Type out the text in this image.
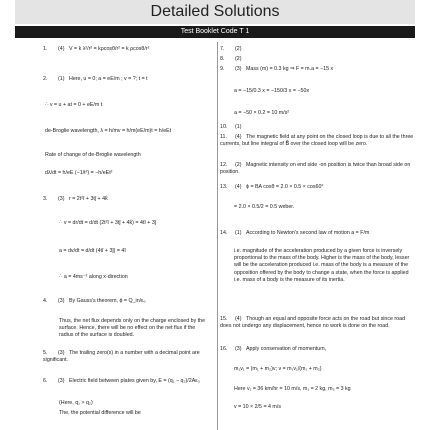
Detailed Solutions
Test Booklet Code T 1
1. (4) V = k λ²/r² = kρcosθ/r² = k ρcosθ/r²
2. (1) Here, u = 0; a = eE/m ; v = ?; t = t
∴ v = u + at = 0 + eE/m t
de-Broglie wavelength, λ = h/mv = h/m(eE/m)t = h/eEt
Rate of change of de-Broglie wavelength
dλ/dt = h/eE (−1/t²) = −h/eEt²
3. (3) r = 2t²î + 3tĵ + 4k̂
∴ v = dr/dt = d/dt (2t²î + 3tĵ + 4k̂) = 4tî + 3ĵ
a = dv/dt = d/dt (4tî + 3ĵ) = 4î
∴ a = 4ms⁻² along x-direction
4. (3) By Gauss's theorem, ϕ = Q_in/ε₀
Thus, the net flux depends only on the charge enclosed by the surface. Hence, there will be no effect on the net flux if the radius of the surface is doubled.
5. (3) The trailing zero(s) in a number with a decimal point are significant.
6. (3) Electric field between plates given by, E = (q₁ − q₂)/2Aε₀
(Here, q₁ > q₂)
The, the potential difference will be
7. (2)
8. (2)
9. (3) Mass (m) = 0.3 kg ⇒ F = m.a = −15 x
a = −15/0.3 x = −150/3 x = −50x
a = −50 × 0.2 = 10 m/s²
10. (1)
11. (4) The magnetic field at any point on the closed loop is due to all the three currents, but line integral of B⃗ over the closed loop will be zero.
12. (2) Magnetic intensity on end side -on position is twice than broad side on position.
13. (4) ϕ = BA cosθ = 2.0 × 0.5 × cos60°
= 2.0 × 0.5/2 = 0.5 weber.
14. (1) According to Newton's second law of motion a = F/m
i.e. magnitude of the acceleration produced by a given force is inversely proportional to the mass of the body. Higher is the mass of the body, lesser will be the acceleration produced i.e. mass of the body is a measure of the opposition offered by the body to change a state, when the force is applied i.e. mass of a body is the measure of its inertia.
15. (4) Though an equal and opposite force acts on the road but since road does not undergo any displacement, hence no work is done on the road.
16. (3) Apply conservation of momentum,
m₁v₁ = (m₁ + m₂)v; v = m₁v₁/(m₁ + m₂)
Here v₁ = 36 km/hr = 10 m/s, m₁ = 2 kg, m₂ = 3 kg
v = 10 × 2/5 = 4 m/s
